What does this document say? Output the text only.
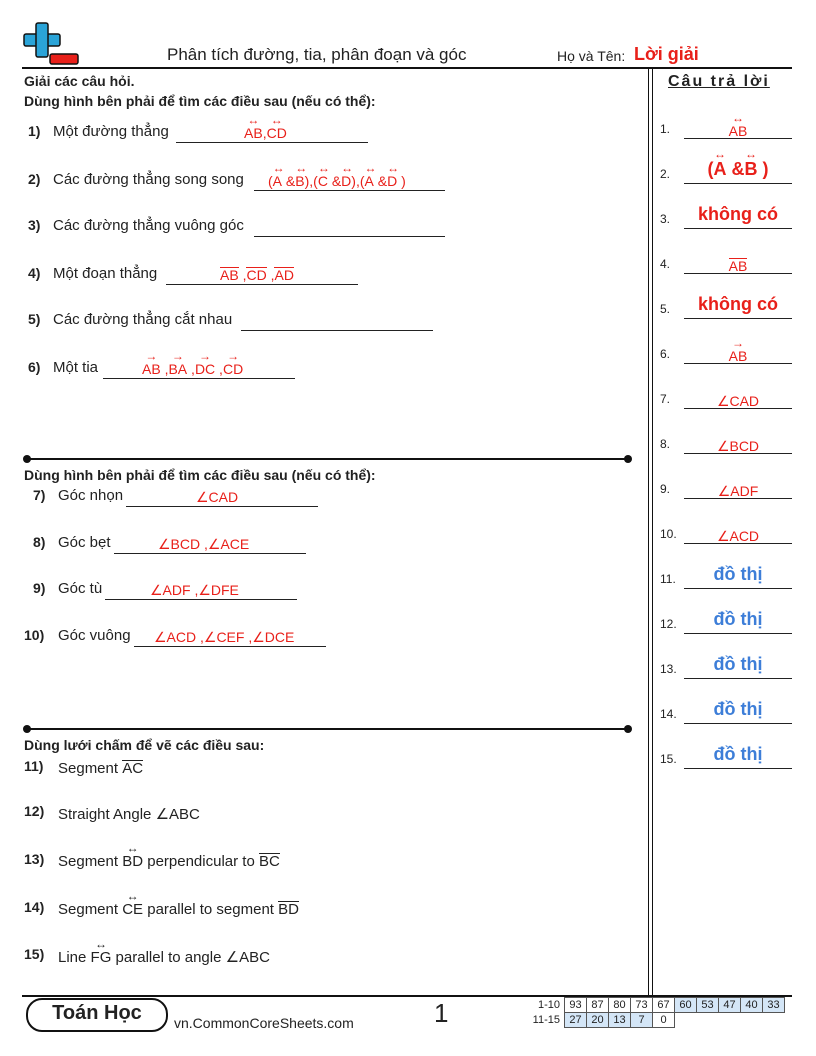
Phân tích đường, tia, phân đoạn và góc	Họ và Tên: Lời giải
Giải các câu hỏi.
Dùng hình bên phải để tìm các điều sau (nếu có thể):
1) Một đường thẳng	AB ↔,CD ↔
2) Các đường thẳng song song (A ↔ &B ↔),(C ↔ &D ↔),(A ↔ &D ↔ )
3) Các đường thẳng vuông góc
4) Một đoạn thẳng	AB ,CD ,AD
5) Các đường thẳng cắt nhau
6) Một tia	AB → ,BA → ,DC → ,CD →
Dùng hình bên phải để tìm các điều sau (nếu có thể):
7) Góc nhọn	∠CAD
8) Góc bẹt	∠BCD ,∠ACE
9) Góc tù	∠ADF ,∠DFE
10) Góc vuông ∠ACD ,∠CEF ,∠DCE
Dùng lưới chấm để vẽ các điều sau:
11) Segment AC
12) Straight Angle ∠ABC
13) Segment BD ↔ perpendicular to BC
14) Segment CE ↔ parallel to segment BD
15) Line FG ↔ parallel to angle ∠ABC
Câu trả lời
1.	AB ↔
2.	(A ↔ &B ↔ )
3.	không có
4.	AB
5.	không có
6.	AB →
7.	∠CAD
8.	∠BCD
9.	∠ADF
10.	∠ACD
11.	đồ thị
12.	đồ thị
13.	đồ thị
14.	đồ thị
15.	đồ thị
Toán Học	vn.CommonCoreSheets.com	1	1-10	93	87	80	73	67	60	53	47	40	33
11-15	27	20	13	7	0					
